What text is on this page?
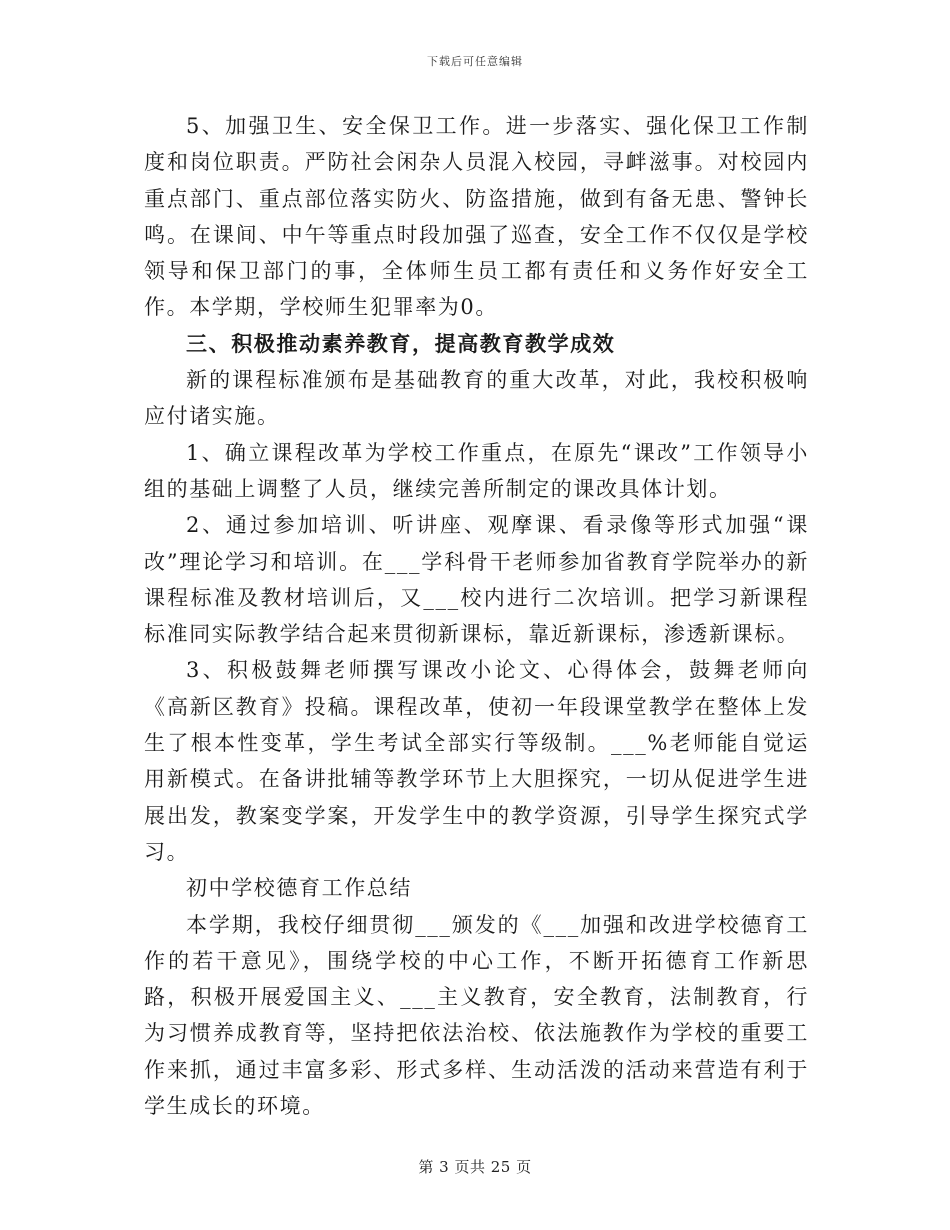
下载后可任意编辑

5、加强卫生、安全保卫工作。进一步落实、强化保卫工作制度和岗位职责。严防社会闲杂人员混入校园，寻衅滋事。对校园内重点部门、重点部位落实防火、防盗措施，做到有备无患、警钟长鸣。在课间、中午等重点时段加强了巡查，安全工作不仅仅是学校领导和保卫部门的事，全体师生员工都有责任和义务作好安全工作。本学期，学校师生犯罪率为0。

三、积极推动素养教育，提高教育教学成效

新的课程标准颁布是基础教育的重大改革，对此，我校积极响应付诸实施。

1、确立课程改革为学校工作重点，在原先“课改”工作领导小组的基础上调整了人员，继续完善所制定的课改具体计划。

2、通过参加培训、听讲座、观摩课、看录像等形式加强“课改”理论学习和培训。在___学科骨干老师参加省教育学院举办的新课程标准及教材培训后，又___校内进行二次培训。把学习新课程标准同实际教学结合起来贯彻新课标，靠近新课标，渗透新课标。

3、积极鼓舞老师撰写课改小论文、心得体会，鼓舞老师向《高新区教育》投稿。课程改革，使初一年段课堂教学在整体上发生了根本性变革，学生考试全部实行等级制。___%老师能自觉运用新模式。在备讲批辅等教学环节上大胆探究，一切从促进学生进展出发，教案变学案，开发学生中的教学资源，引导学生探究式学习。

初中学校德育工作总结

本学期，我校仔细贯彻___颁发的《___加强和改进学校德育工作的若干意见》，围绕学校的中心工作，不断开拓德育工作新思路，积极开展爱国主义、___主义教育，安全教育，法制教育，行为习惯养成教育等，坚持把依法治校、依法施教作为学校的重要工作来抓，通过丰富多彩、形式多样、生动活泼的活动来营造有利于学生成长的环境。

第 3 页共 25 页
